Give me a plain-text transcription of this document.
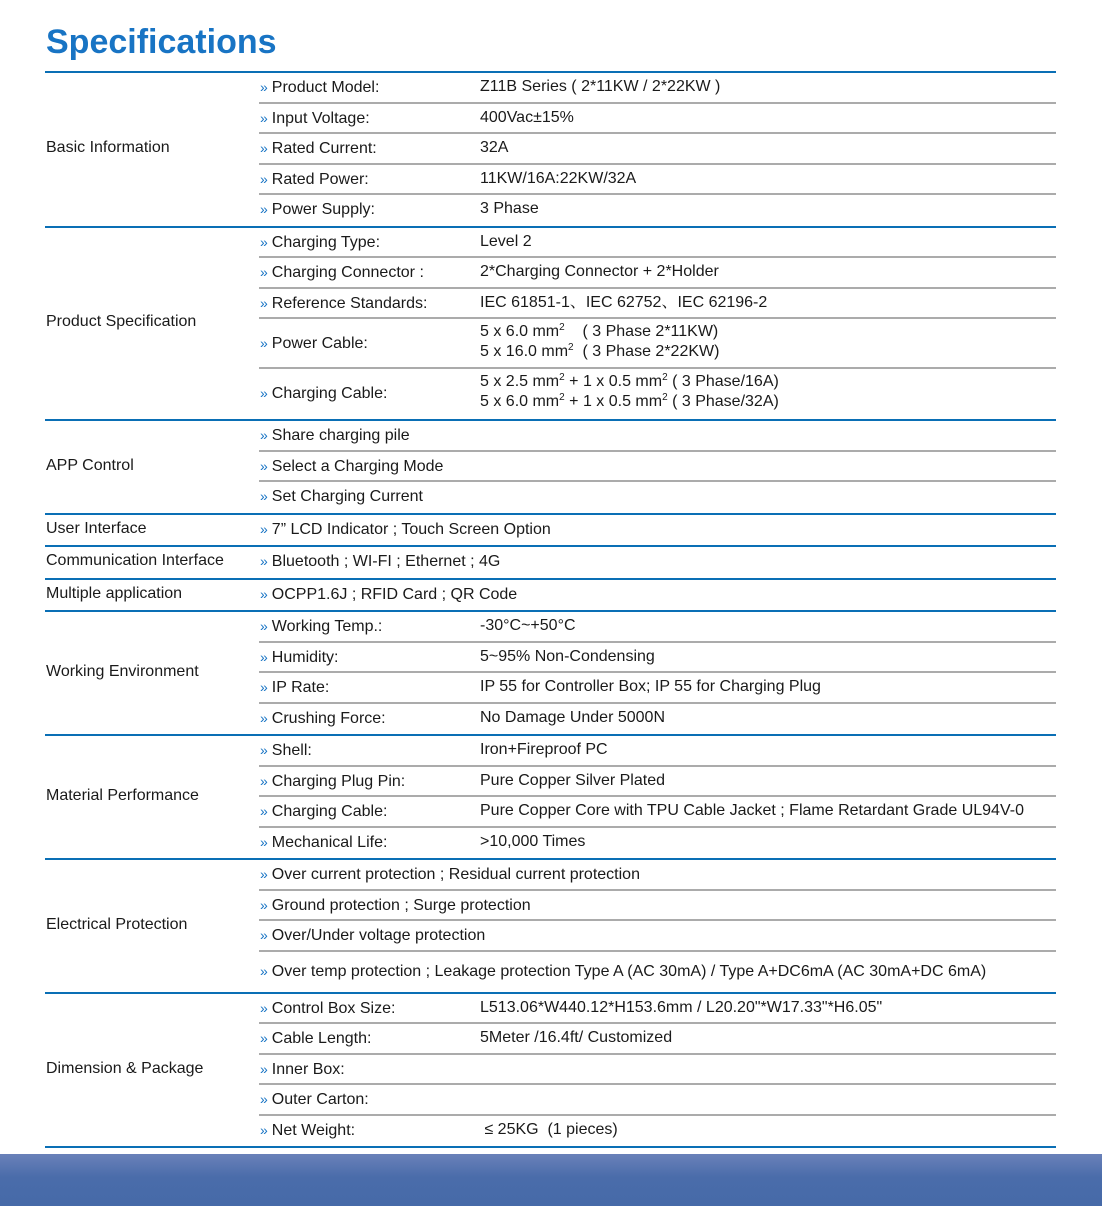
Specifications
» Product Model:	Z11B Series ( 2*11KW / 2*22KW )
» Input Voltage:	400Vac±15%
» Rated Current:	32A
» Rated Power:	11KW/16A:22KW/32A
» Power Supply:	3 Phase
Basic Information
» Charging Type:	Level 2
» Charging Connector :	2*Charging Connector + 2*Holder
» Reference Standards:	IEC 61851-1、IEC 62752、IEC 62196-2
» Power Cable:
5 x 6.0 $mm^2$    ( 3 Phase 2*11KW)
5 x 16.0 $mm^2$  ( 3 Phase 2*22KW)
» Charging Cable:
5 x 2.5 $mm^2 + 1$ x 0.5 $mm^2$ ( 3 Phase/16A)
5 x 6.0 $mm^2 + 1$ x 0.5 $mm^2$ ( 3 Phase/32A)
Product Specification
» Share charging pile
» Select a Charging Mode
» Set Charging Current
APP Control
» 7” LCD Indicator ; Touch Screen Option
User Interface
» Bluetooth ; WI-FI ; Ethernet ; 4G
Communication Interface
» OCPP1.6J ; RFID Card ; QR Code
Multiple application
» Working Temp.:	-30°C~+50°C
» Humidity:	5~95% Non-Condensing
» IP Rate:	IP 55 for Controller Box; IP 55 for Charging Plug
» Crushing Force:	No Damage Under 5000N
Working Environment
» Shell:	Iron+Fireproof PC
» Charging Plug Pin:	Pure Copper Silver Plated
» Charging Cable:	Pure Copper Core with TPU Cable Jacket ; Flame Retardant Grade UL94V-0
» Mechanical Life:	>10,000 Times
Material Performance
» Over current protection ; Residual current protection
» Ground protection ; Surge protection
» Over/Under voltage protection
» Over temp protection ; Leakage protection Type A (AC 30mA) / Type A+DC6mA (AC 30mA+DC 6mA)
Electrical Protection
» Control Box Size:	L513.06*W440.12*H153.6mm / L20.20"*W17.33"*H6.05"
» Cable Length:	5Meter /16.4ft/ Customized
» Inner Box:
» Outer Carton:
» Net Weight:	≤ 25KG  (1 pieces)
Dimension & Package
